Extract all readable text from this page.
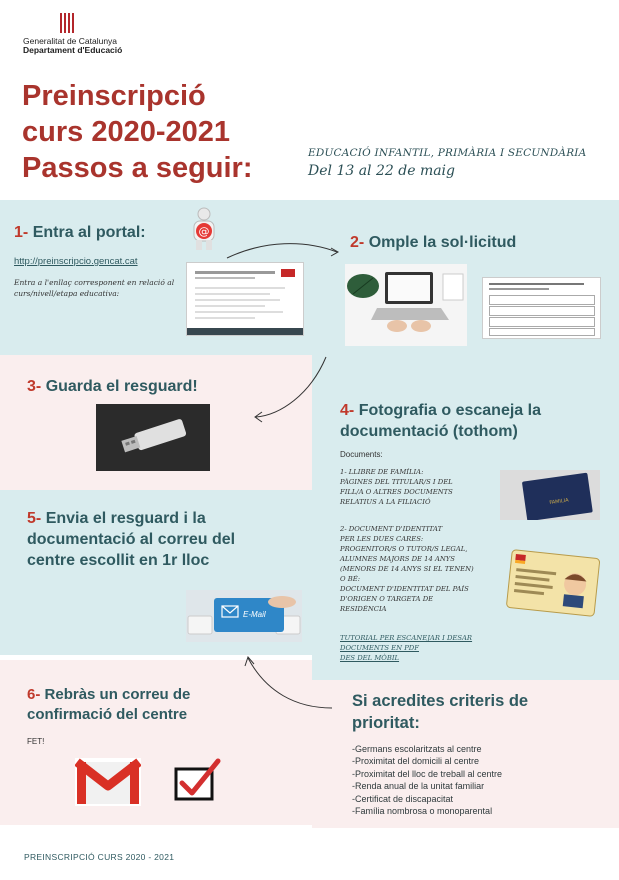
Generalitat de Catalunya
Departament d'Educació
Preinscripció
curs 2020-2021
Passos a seguir:	EDUCACIÓ INFANTIL, PRIMÀRIA I SECUNDÀRIA
Del 13 al 22 de maig
1- Entra al portal:	@
http://preinscripcio.gencat.cat
Entra a l'enllaç corresponent en relació al curs/nivell/etapa educativa:
2- Omple la sol·licitud
3- Guarda el resguard!
4- Fotografia o escaneja la
documentació (tothom)
Documents:
1- LLIBRE DE FAMÍLIA:
PÀGINES DEL TITULAR/S I DEL
FILL/A O ALTRES DOCUMENTS
RELATIUS A LA FILIACIÓ	FAMILIA
2- DOCUMENT D'IDENTITAT
PER LES DUES CARES:
PROGENITOR/S O TUTOR/S LEGAL,
ALUMNES MAJORS DE 14 ANYS
(MENORS DE 14 ANYS SI EL TENEN)
O BÉ:
DOCUMENT D'IDENTITAT DEL PAÍS
D'ORIGEN O TARGETA DE
RESIDÈNCIA
TUTORIAL PER ESCANEJAR I DESAR
DOCUMENTS EN PDF
DES DEL MÒBIL
5- Envia el resguard i la
documentació al correu del
centre escollit en 1r lloc
E-Mail
6- Rebràs un correu de
confirmació del centre
FET!
Si acredites criteris de
prioritat:
-Germans escolaritzats al centre
-Proximitat del domicili al centre
-Proximitat del lloc de treball al centre
-Renda anual de la unitat familiar
-Certificat de discapacitat
-Família nombrosa o monoparental
PREINSCRIPCIÓ CURS 2020 - 2021
